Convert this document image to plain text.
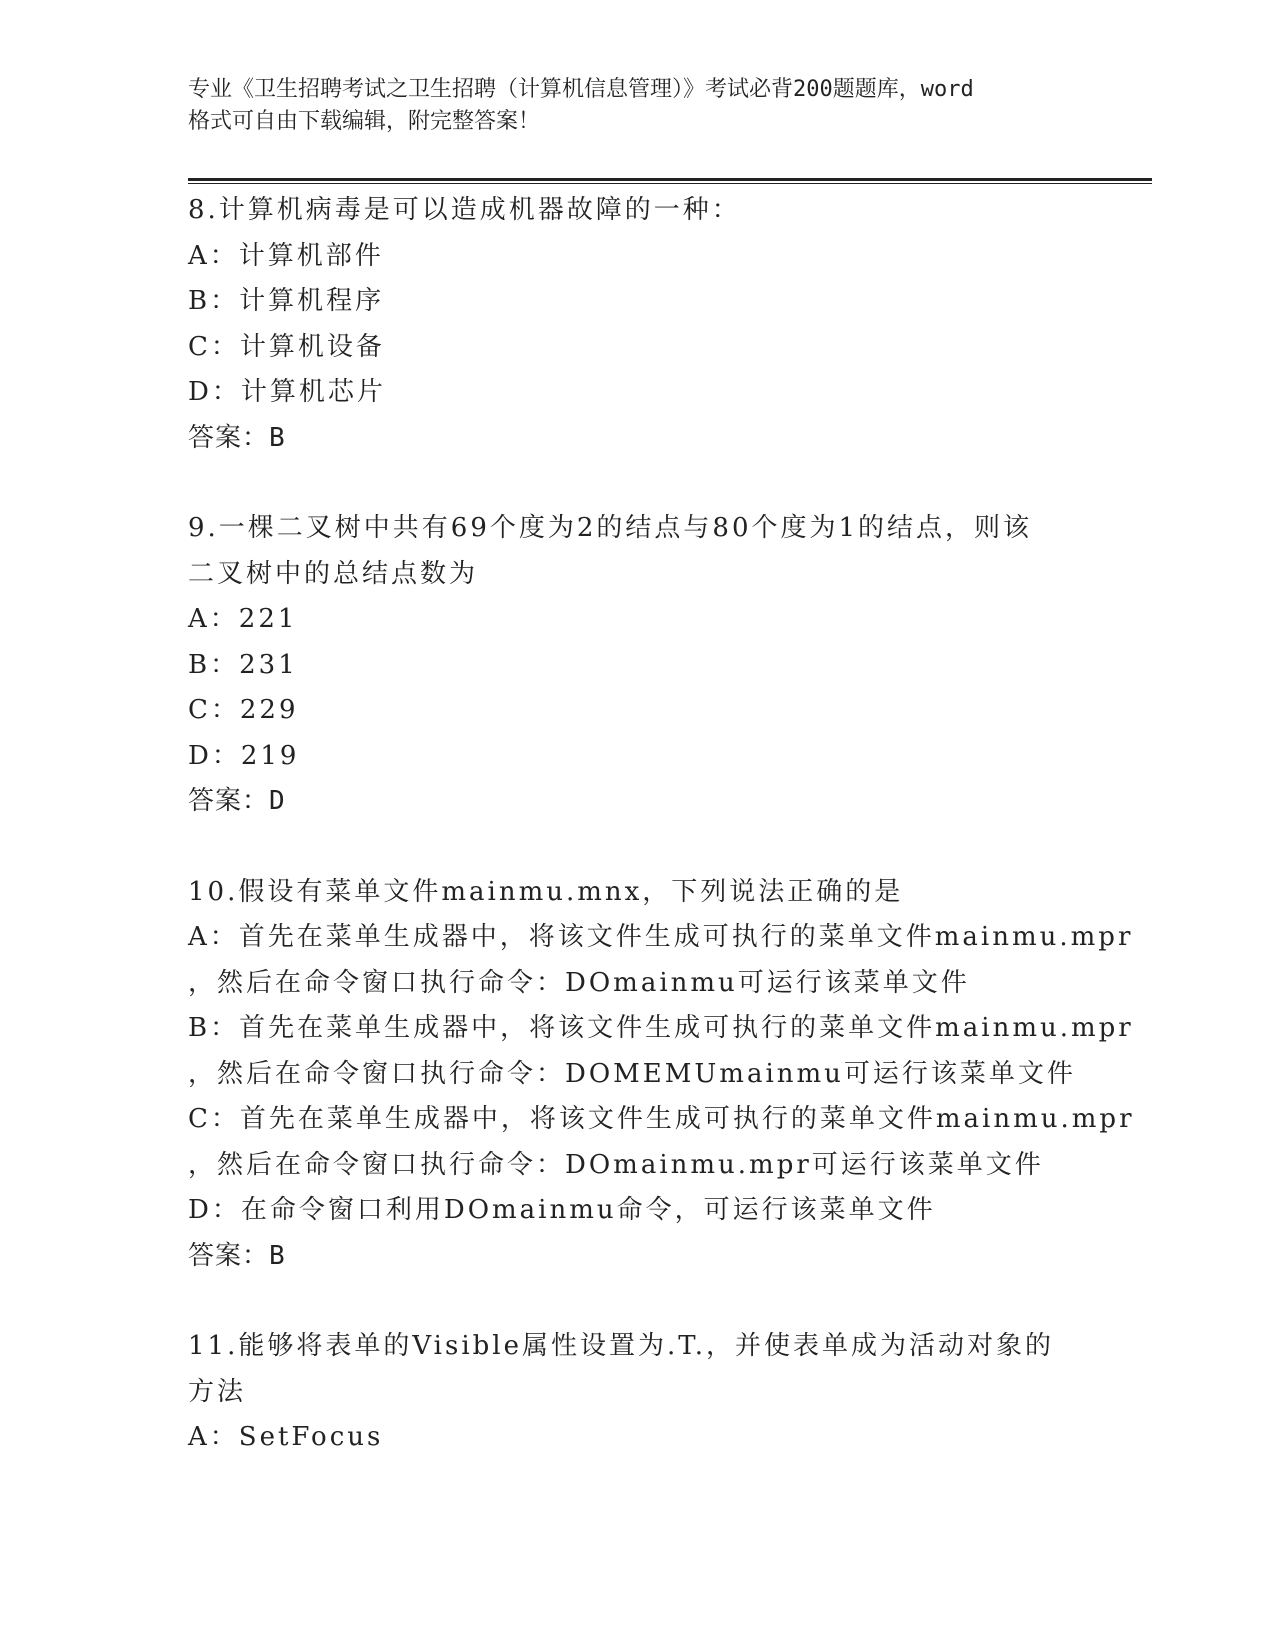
专业《卫生招聘考试之卫生招聘（计算机信息管理）》考试必背200题题库，word
格式可自由下载编辑，附完整答案！
8.计算机病毒是可以造成机器故障的一种：
A：计算机部件
B：计算机程序
C：计算机设备
D：计算机芯片
答案：B
9.一棵二叉树中共有69个度为2的结点与80个度为1的结点，则该
二叉树中的总结点数为
A：221
B：231
C：229
D：219
答案：D
10.假设有菜单文件mainmu.mnx，下列说法正确的是
A：首先在菜单生成器中，将该文件生成可执行的菜单文件mainmu.mpr
，然后在命令窗口执行命令：DOmainmu可运行该菜单文件
B：首先在菜单生成器中，将该文件生成可执行的菜单文件mainmu.mpr
，然后在命令窗口执行命令：DOMEMUmainmu可运行该菜单文件
C：首先在菜单生成器中，将该文件生成可执行的菜单文件mainmu.mpr
，然后在命令窗口执行命令：DOmainmu.mpr可运行该菜单文件
D：在命令窗口利用DOmainmu命令，可运行该菜单文件
答案：B
11.能够将表单的Visible属性设置为.T.，并使表单成为活动对象的
方法
A：SetFocus
